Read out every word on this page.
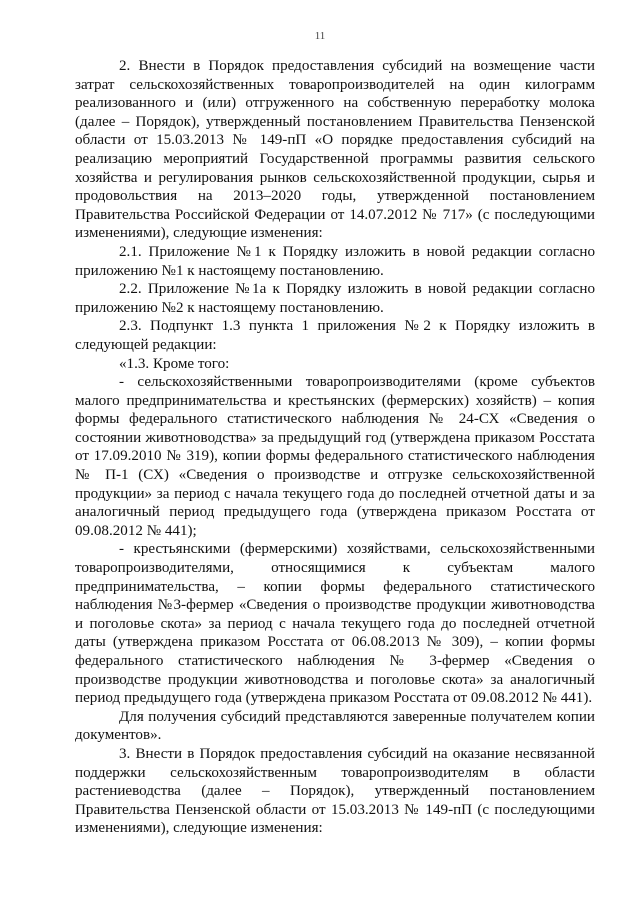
11

2. Внести в Порядок предоставления субсидий на возмещение части затрат сельскохозяйственных товаропроизводителей на один килограмм реализованного и (или) отгруженного на собственную переработку молока (далее – Порядок), утвержденный постановлением Правительства Пензенской области от 15.03.2013 № 149-пП «О порядке предоставления субсидий на реализацию мероприятий Государственной программы развития сельского хозяйства и регулирования рынков сельскохозяйственной продукции, сырья и продовольствия на 2013–2020 годы, утвержденной постановлением Правительства Российской Федерации от 14.07.2012 № 717» (с последующими изменениями), следующие изменения:

2.1. Приложение №1 к Порядку изложить в новой редакции согласно приложению №1 к настоящему постановлению.

2.2. Приложение №1а к Порядку изложить в новой редакции согласно приложению №2 к настоящему постановлению.

2.3. Подпункт 1.3 пункта 1 приложения №2 к Порядку изложить в следующей редакции:

«1.3. Кроме того:

- сельскохозяйственными товаропроизводителями (кроме субъектов малого предпринимательства и крестьянских (фермерских) хозяйств) – копия формы федерального статистического наблюдения № 24-СХ «Сведения о состоянии животноводства» за предыдущий год (утверждена приказом Росстата от 17.09.2010 № 319), копии формы федерального статистического наблюдения № П-1 (СХ) «Сведения о производстве и отгрузке сельскохозяйственной продукции» за период с начала текущего года до последней отчетной даты и за аналогичный период предыдущего года (утверждена приказом Росстата от 09.08.2012 № 441);

- крестьянскими (фермерскими) хозяйствами, сельскохозяйственными товаропроизводителями, относящимися к субъектам малого предпринимательства, – копии формы федерального статистического наблюдения №3-фермер «Сведения о производстве продукции животноводства и поголовье скота» за период с начала текущего года до последней отчетной даты (утверждена приказом Росстата от 06.08.2013 № 309), – копии формы федерального статистического наблюдения № 3-фермер «Сведения о производстве продукции животноводства и поголовье скота» за аналогичный период предыдущего года (утверждена приказом Росстата от 09.08.2012 № 441).

Для получения субсидий представляются заверенные получателем копии документов».

3. Внести в Порядок предоставления субсидий на оказание несвязанной поддержки сельскохозяйственным товаропроизводителям в области растениеводства (далее – Порядок), утвержденный постановлением Правительства Пензенской области от 15.03.2013 № 149-пП (с последующими изменениями), следующие изменения:
